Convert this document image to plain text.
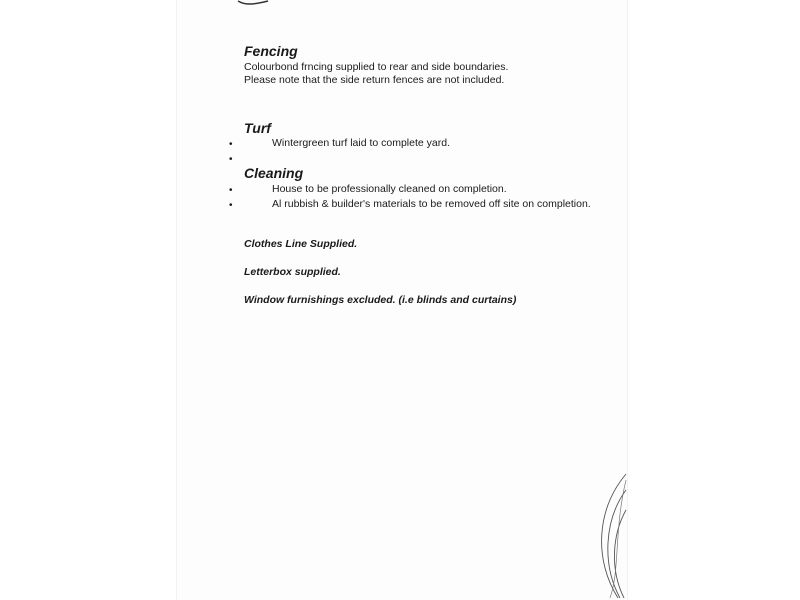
Fencing

Colourbond frncing supplied to rear and side boundaries.

Please note that the side return fences are not included.

Turf
•	Wintergreen turf laid to complete yard.

•
Cleaning
•	House to be professionally cleaned on completion.

•	Al rubbish & builder's materials to be removed off site on completion.

Clothes Line Supplied.

Letterbox supplied.

Window furnishings excluded. (i.e blinds and curtains)
